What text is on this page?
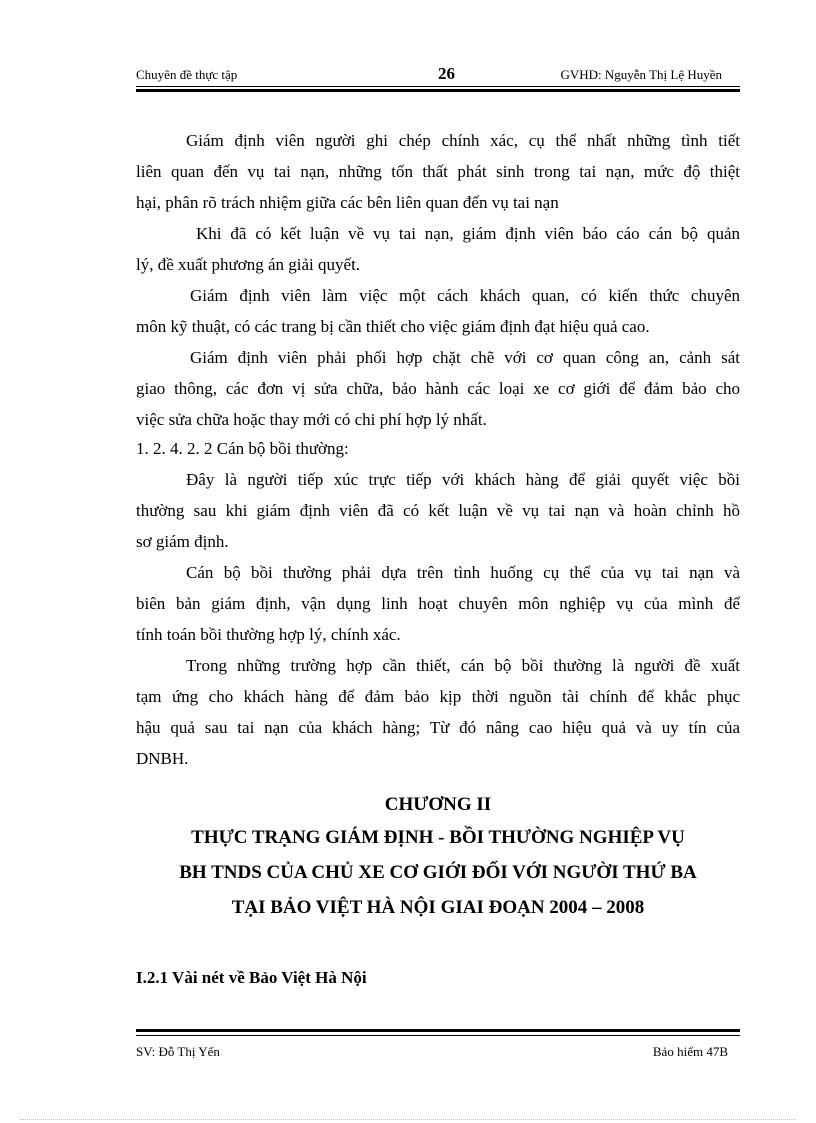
Chuyên đề thực tập	26	GVHD: Nguyễn Thị Lệ Huyền
Giám định viên người ghi chép chính xác, cụ thể nhất những tình tiết
liên quan đến vụ tai nạn, những tổn thất phát sinh trong tai nạn, mức độ thiệt
hại, phân rõ trách nhiệm giữa các bên liên quan đến vụ tai nạn
Khi đã có kết luận về vụ tai nạn, giám định viên báo cáo cán bộ quản
lý, đề xuất phương án giải quyết.
Giám định viên làm việc một cách khách quan, có kiến thức chuyên
môn kỹ thuật, có các trang bị cần thiết cho việc giám định đạt hiệu quả cao.
Giám định viên phải phối hợp chặt chẽ với cơ quan công an, cảnh sát
giao thông, các đơn vị sửa chữa, bảo hành các loại xe cơ giới để đảm bảo cho
việc sửa chữa hoặc thay mới có chi phí hợp lý nhất.
1. 2. 4. 2. 2 Cán bộ bồi thường:
Đây là người tiếp xúc trực tiếp với khách hàng để giải quyết việc bồi
thường sau khi giám định viên đã có kết luận về vụ tai nạn và hoàn chỉnh hồ
sơ giám định.
Cán bộ bồi thường phải dựa trên tình huống cụ thể của vụ tai nạn và
biên bản giám định, vận dụng linh hoạt chuyên môn nghiệp vụ của mình để
tính toán bồi thường hợp lý, chính xác.
Trong những trường hợp cần thiết, cán bộ bồi thường là người đề xuất
tạm ứng cho khách hàng để đảm bảo kịp thời nguồn tài chính để khắc phục
hậu quả sau tai nạn của khách hàng; Từ đó nâng cao hiệu quả và uy tín của
DNBH.
CHƯƠNG II
THỰC TRẠNG GIÁM ĐỊNH - BỒI THƯỜNG NGHIỆP VỤ
BH TNDS CỦA CHỦ XE CƠ GIỚI ĐỐI VỚI NGƯỜI THỨ BA
TẠI BẢO VIỆT HÀ NỘI GIAI ĐOẠN 2004 – 2008
I.2.1 Vài nét về Bảo Việt Hà Nội
SV: Đỗ Thị Yến	Bảo hiểm 47B
